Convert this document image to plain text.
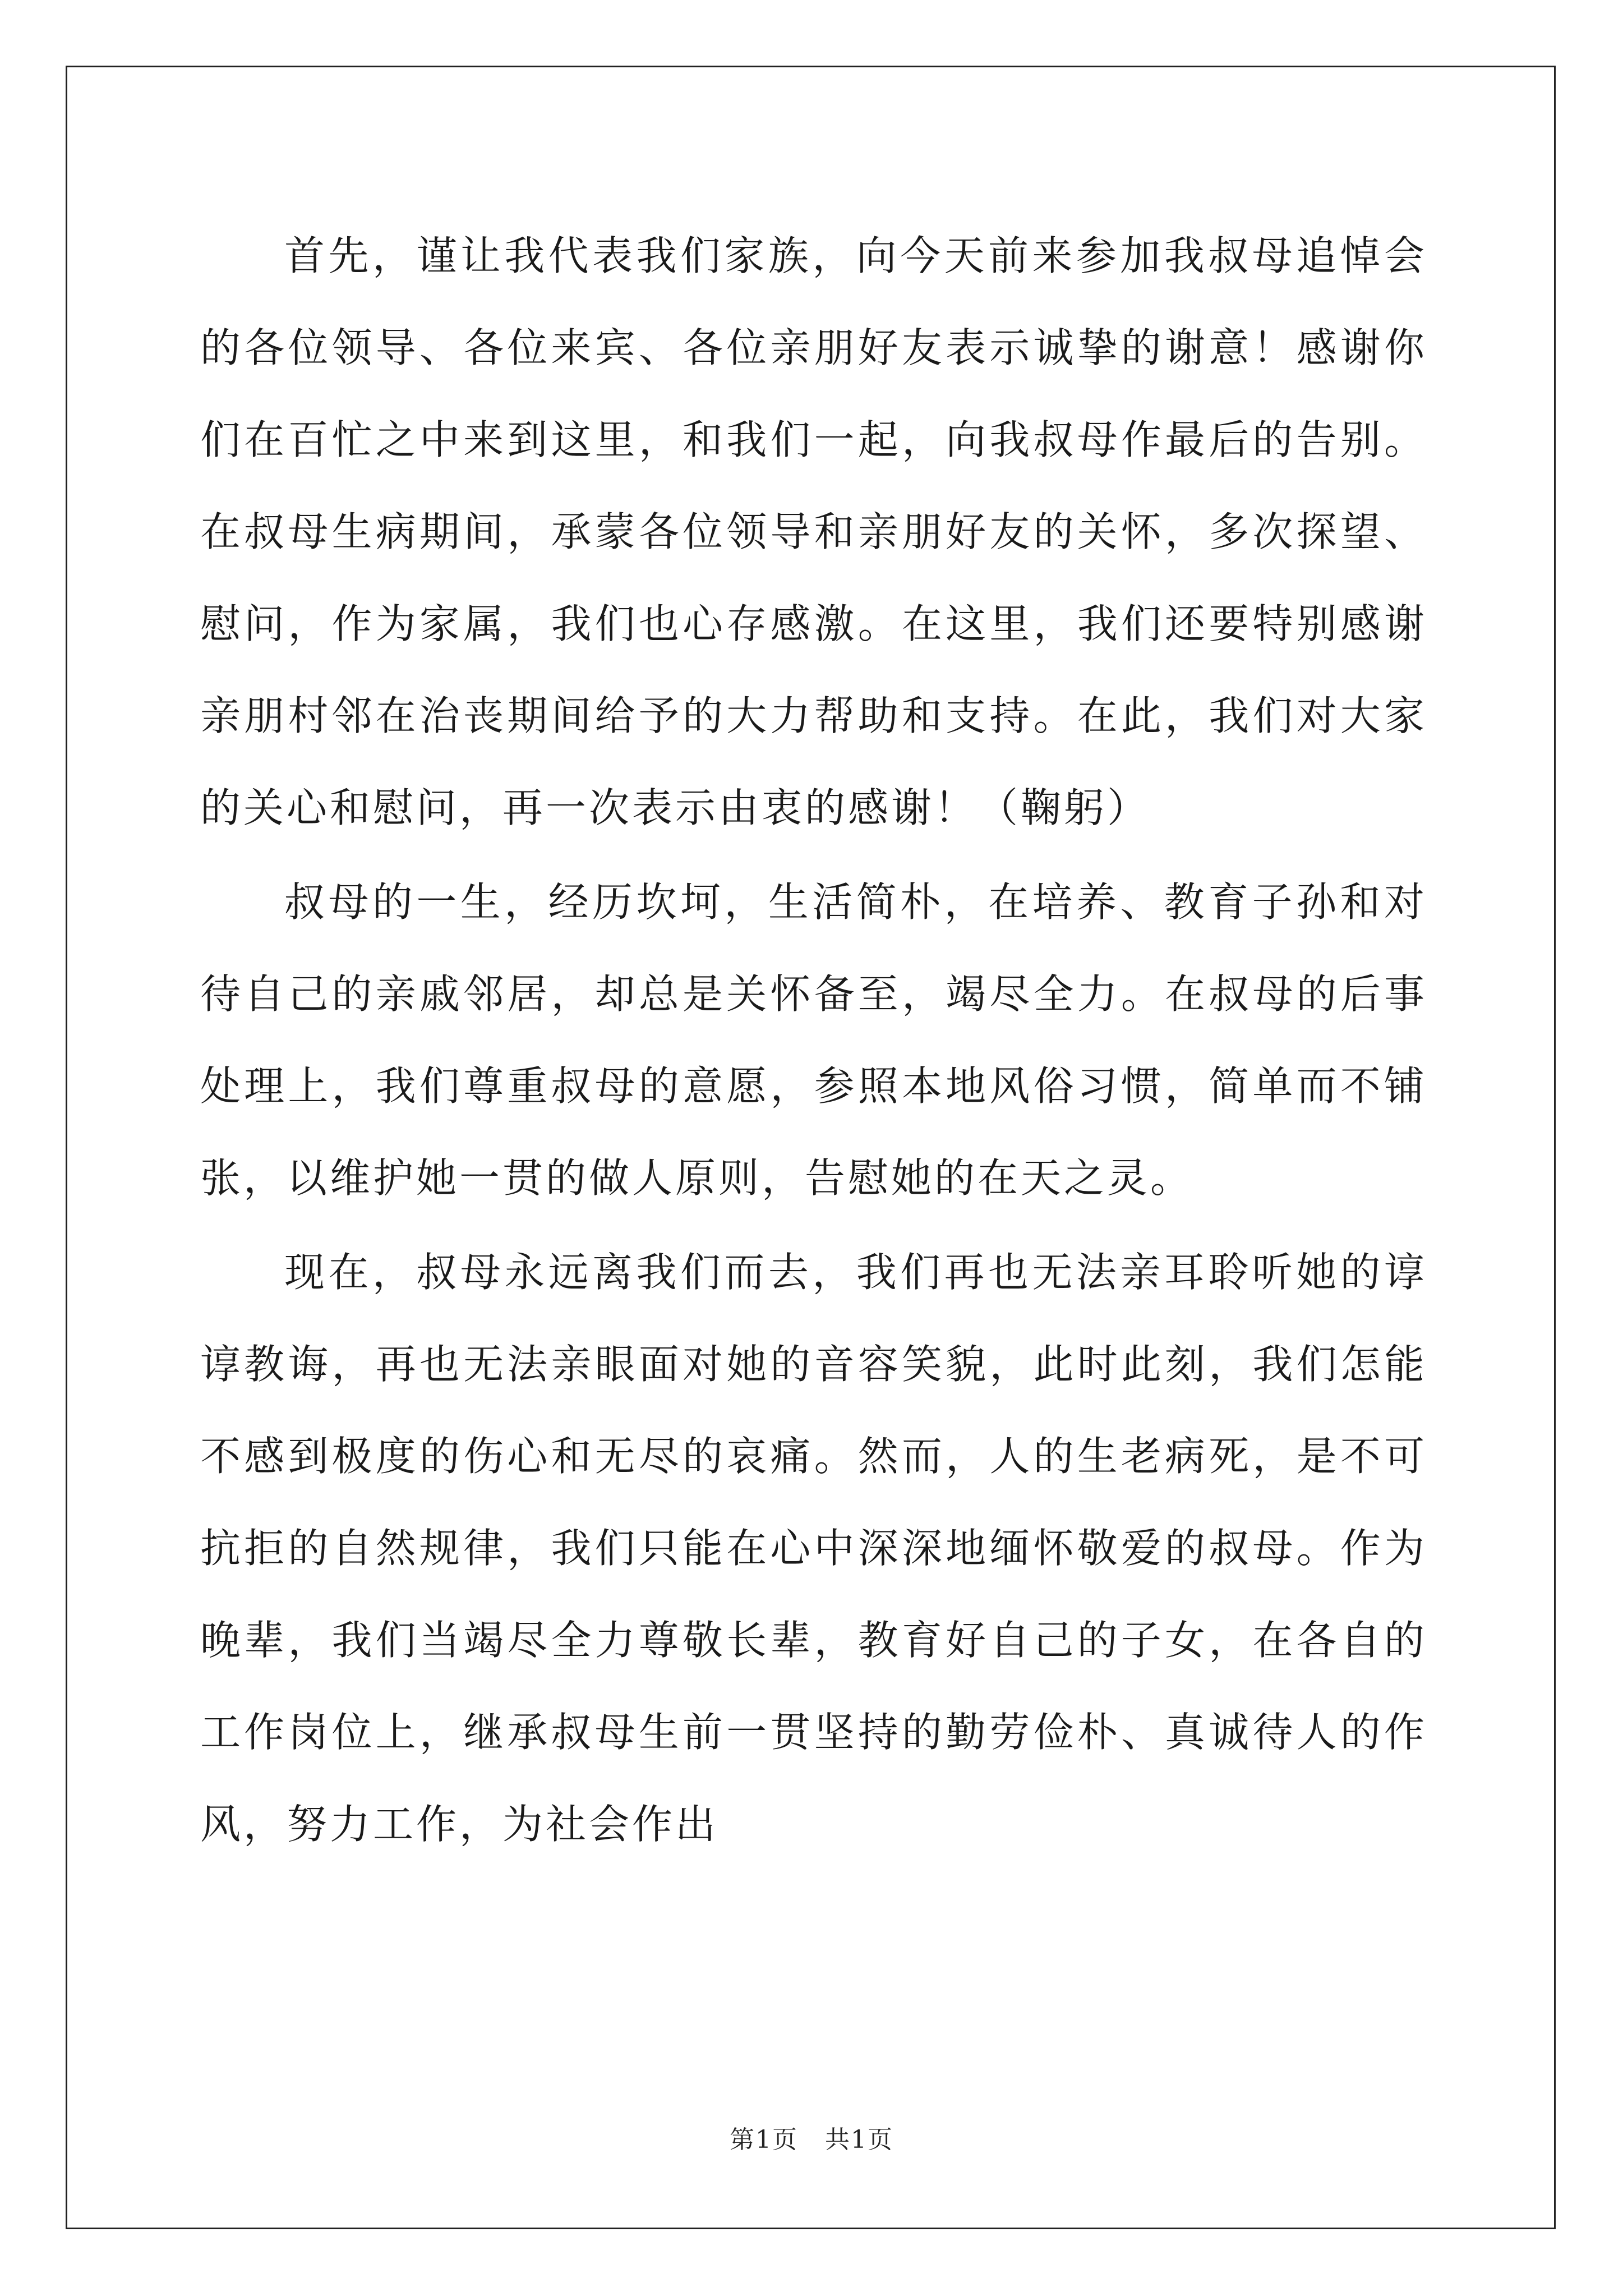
首先，谨让我代表我们家族，向今天前来参加我叔母追悼会的各位领导、各位来宾、各位亲朋好友表示诚挚的谢意！感谢你们在百忙之中来到这里，和我们一起，向我叔母作最后的告别。在叔母生病期间，承蒙各位领导和亲朋好友的关怀，多次探望、慰问，作为家属，我们也心存感激。在这里，我们还要特别感谢亲朋村邻在治丧期间给予的大力帮助和支持。在此，我们对大家的关心和慰问，再一次表示由衷的感谢！（鞠躬）

叔母的一生，经历坎坷，生活简朴，在培养、教育子孙和对待自己的亲戚邻居，却总是关怀备至，竭尽全力。在叔母的后事处理上，我们尊重叔母的意愿，参照本地风俗习惯，简单而不铺张，以维护她一贯的做人原则，告慰她的在天之灵。

现在，叔母永远离我们而去，我们再也无法亲耳聆听她的谆谆教诲，再也无法亲眼面对她的音容笑貌，此时此刻，我们怎能不感到极度的伤心和无尽的哀痛。然而，人的生老病死，是不可抗拒的自然规律，我们只能在心中深深地缅怀敬爱的叔母。作为晚辈，我们当竭尽全力尊敬长辈，教育好自己的子女，在各自的工作岗位上，继承叔母生前一贯坚持的勤劳俭朴、真诚待人的作风，努力工作，为社会作出

第1页 共1页
